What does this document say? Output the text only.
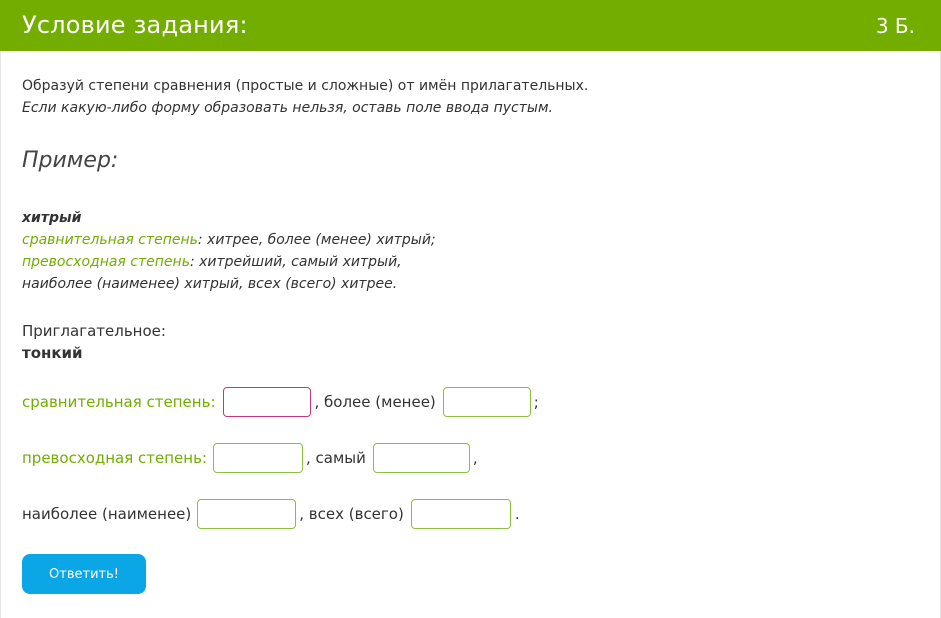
Условие задания:	3 Б.
Образуй степени сравнения (простые и сложные) от имён прилагательных.
Если какую-либо форму образовать нельзя, оставь поле ввода пустым.
Пример:
хитрый
сравнительная степень: хитрее, более (менее) хитрый;
превосходная степень: хитрейший, самый хитрый,
наиболее (наименее) хитрый, всех (всего) хитрее.
Приглагательное:
тонкий
сравнительная степень:	, более (менее)	;
превосходная степень:	, самый	,
наиболее (наименее)	, всех (всего)	.
Ответить!
